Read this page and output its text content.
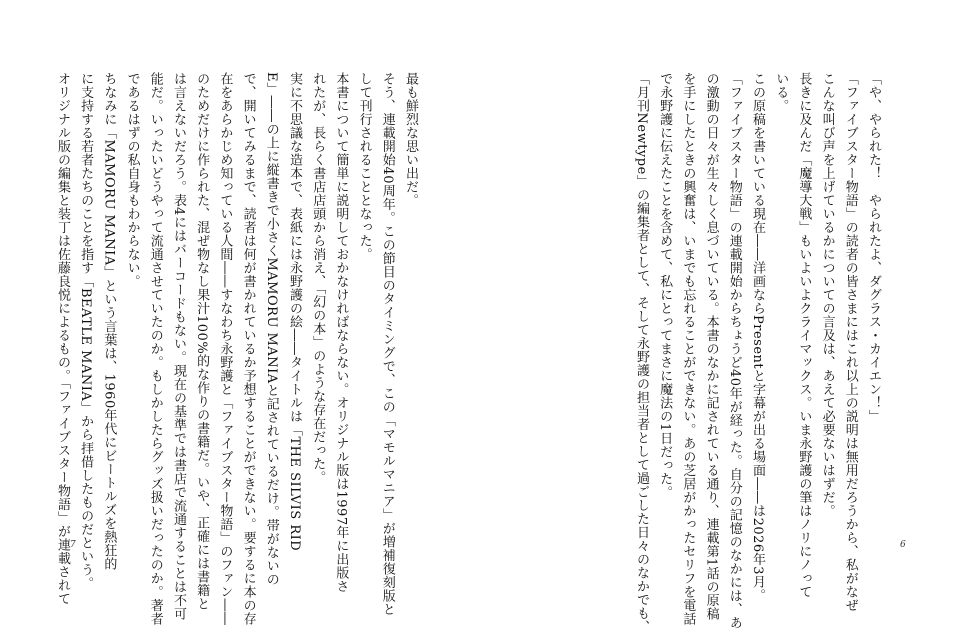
最も鮮烈な思い出だ。

そう、連載開始40周年。この節目のタイミングで、この「マモルマニア」が増補復刻版と

して刊行されることとなった。

本書について簡単に説明しておかなければならない。オリジナル版は1997年に出版さ

れたが、長らく書店店頭から消え、「幻の本」のような存在だった。

実に不思議な造本で、表紙には永野護の絵――タイトルは「THE SILVIS RID

E」――の上に縦書きで小さくMAMORU MANIAと記されているだけ。帯がないの

で、開いてみるまで、読者は何が書かれているか予想することができない。要するに本の存

在をあらかじめ知っている人間――すなわち永野護と「ファイブスター物語」のファン――

のためだけに作られた、混ぜ物なし果汁100%的な作りの書籍だ。いや、正確には書籍と

は言えないだろう。表4にはバーコードもない。現在の基準では書店で流通することは不可

能だ。いったいどうやって流通させていたのか。もしかしたらグッズ扱いだったのか。著者

であるはずの私自身もわからない。

ちなみに「MAMORU MANIA」という言葉は、1960年代にビートルズを熱狂的

に支持する若者たちのことを指す「BEATLE MANIA」から拝借したものだという。

オリジナル版の編集と装丁は佐藤良悦によるもの。「ファイブスター物語」が連載されて 7

「や、やられた！　やられたよ、ダグラス・カイエン！」

「ファイブスター物語」の読者の皆さまにはこれ以上の説明は無用だろうから、私がなぜ

こんな叫び声を上げているかについての言及は、あえて必要ないはずだ。

長きに及んだ「魔導大戦」もいよいよクライマックス。いま永野護の筆はノリにノって

いる。

この原稿を書いている現在――洋画ならPresentと字幕が出る場面――は2026年3月。

「ファイブスター物語」の連載開始からちょうど40年が経った。自分の記憶のなかには、あ

の激動の日々が生々しく息づいている。本書のなかに記されている通り、連載第1話の原稿

を手にしたときの興奮は、いまでも忘れることができない。あの芝居がかったセリフを電話

で永野護に伝えたことを含めて、私にとってまさに魔法の1日だった。

「月刊Newtype」の編集者として、そして永野護の担当者として過ごした日々のなかでも、	6
